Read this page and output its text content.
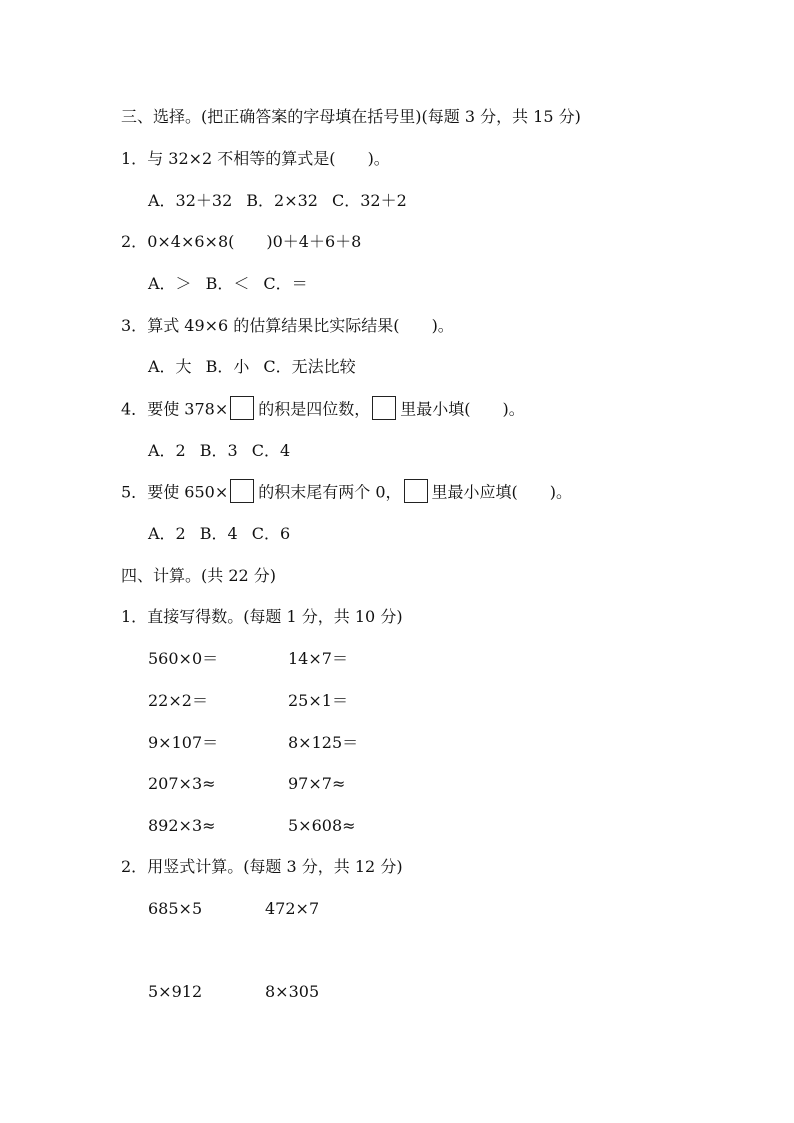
三、选择。(把正确答案的字母填在括号里)(每题 3 分，共 15 分)
1．与 32×2 不相等的算式是( )。
A．32＋32 B．2×32 C．32＋2
2．0×4×6×8( )0＋4＋6＋8
A．＞ B．＜ C．＝
3．算式 49×6 的估算结果比实际结果( )。
A．大 B．小 C．无法比较
4．要使 378× 的积是四位数， 里最小填( )。
A．2 B．3 C．4
5．要使 650× 的积末尾有两个 0， 里最小应填( )。
A．2 B．4 C．6
四、计算。(共 22 分)
1．直接写得数。(每题 1 分，共 10 分)
560×0＝	14×7＝
22×2＝	25×1＝
9×107＝	8×125＝
207×3≈	97×7≈
892×3≈	5×608≈
2．用竖式计算。(每题 3 分，共 12 分)
685×5	472×7
5×912	8×305
